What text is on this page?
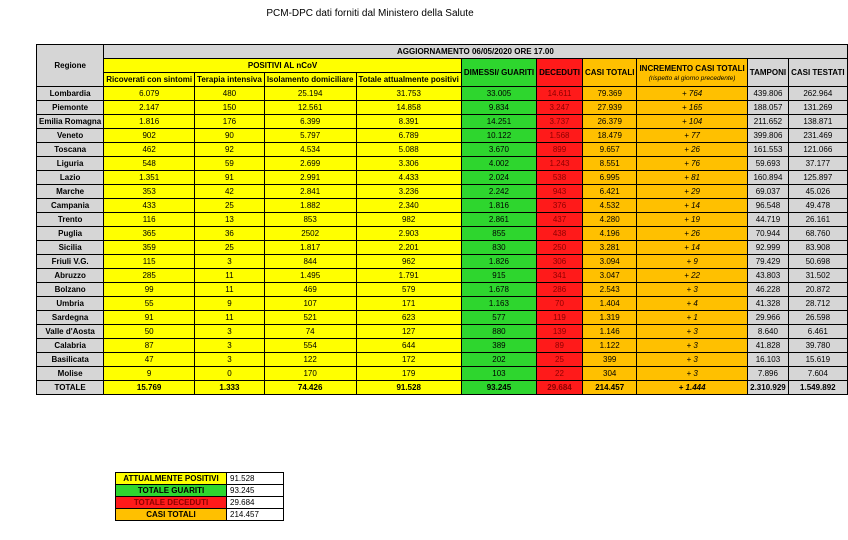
PCM-DPC dati forniti dal Ministero della Salute
Regione	AGGIORNAMENTO 06/05/2020 ORE 17.00									
	POSITIVI AL nCoV				DIMESSI/ GUARITI	DECEDUTI	CASI TOTALI	INCREMENTO CASI TOTALI
(rispetto al giorno precedente)	TAMPONI	CASI TESTATI
	Ricoverati con sintomi	Terapia intensiva	Isolamento domiciliare	Totale attualmente positivi						
Lombardia	6.079	480	25.194	31.753	33.005	14.611	79.369	+ 764	439.806	262.964
Piemonte	2.147	150	12.561	14.858	9.834	3.247	27.939	+ 165	188.057	131.269
Emilia Romagna	1.816	176	6.399	8.391	14.251	3.737	26.379	+ 104	211.652	138.871
Veneto	902	90	5.797	6.789	10.122	1.568	18.479	+ 77	399.806	231.469
Toscana	462	92	4.534	5.088	3.670	899	9.657	+ 26	161.553	121.066
Liguria	548	59	2.699	3.306	4.002	1.243	8.551	+ 76	59.693	37.177
Lazio	1.351	91	2.991	4.433	2.024	538	6.995	+ 81	160.894	125.897
Marche	353	42	2.841	3.236	2.242	943	6.421	+ 29	69.037	45.026
Campania	433	25	1.882	2.340	1.816	376	4.532	+ 14	96.548	49.478
Trento	116	13	853	982	2.861	437	4.280	+ 19	44.719	26.161
Puglia	365	36	2502	2.903	855	438	4.196	+ 26	70.944	68.760
Sicilia	359	25	1.817	2.201	830	250	3.281	+ 14	92.999	83.908
Friuli V.G.	115	3	844	962	1.826	306	3.094	+ 9	79.429	50.698
Abruzzo	285	11	1.495	1.791	915	341	3.047	+ 22	43.803	31.502
Bolzano	99	11	469	579	1.678	286	2.543	+ 3	46.228	20.872
Umbria	55	9	107	171	1.163	70	1.404	+ 4	41.328	28.712
Sardegna	91	11	521	623	577	119	1.319	+ 1	29.966	26.598
Valle d'Aosta	50	3	74	127	880	139	1.146	+ 3	8.640	6.461
Calabria	87	3	554	644	389	89	1.122	+ 3	41.828	39.780
Basilicata	47	3	122	172	202	25	399	+ 3	16.103	15.619
Molise	9	0	170	179	103	22	304	+ 3	7.896	7.604
TOTALE	15.769	1.333	74.426	91.528	93.245	29.684	214.457	+ 1.444	2.310.929	1.549.892
ATTUALMENTE POSITIVI	91.528
TOTALE GUARITI	93.245
TOTALE DECEDUTI	29.684
CASI TOTALI	214.457
